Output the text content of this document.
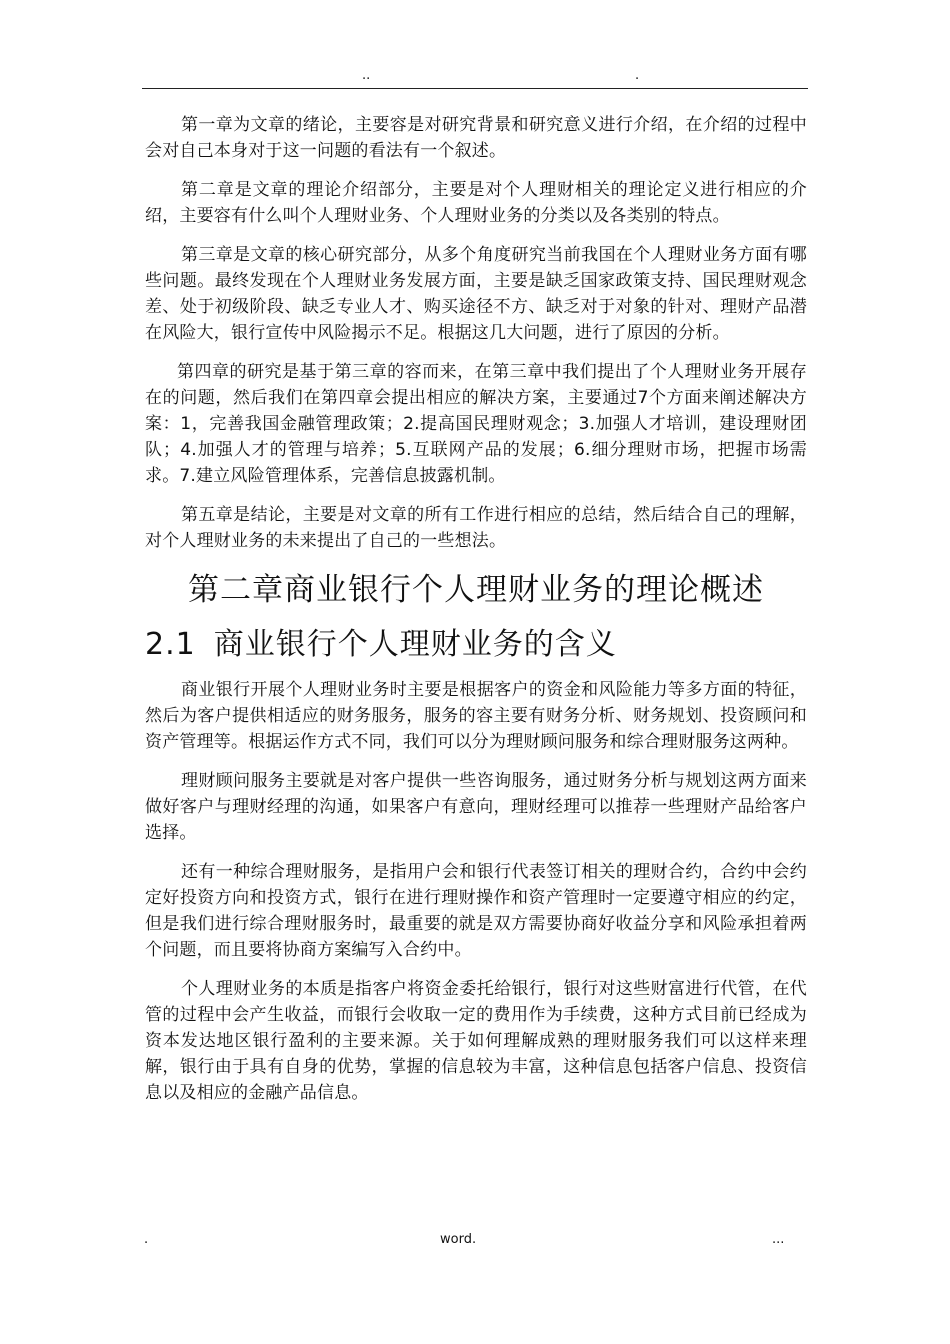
..	.

第一章为文章的绪论，主要容是对研究背景和研究意义进行介绍，在介绍的过程中会对自己本身对于这一问题的看法有一个叙述。

第二章是文章的理论介绍部分，主要是对个人理财相关的理论定义进行相应的介绍，主要容有什么叫个人理财业务、个人理财业务的分类以及各类别的特点。

第三章是文章的核心研究部分，从多个角度研究当前我国在个人理财业务方面有哪些问题。最终发现在个人理财业务发展方面，主要是缺乏国家政策支持、国民理财观念差、处于初级阶段、缺乏专业人才、购买途径不方、缺乏对于对象的针对、理财产品潜在风险大，银行宣传中风险揭示不足。根据这几大问题，进行了原因的分析。

第四章的研究是基于第三章的容而来，在第三章中我们提出了个人理财业务开展存在的问题，然后我们在第四章会提出相应的解决方案，主要通过7个方面来阐述解决方案：1，完善我国金融管理政策；2.提高国民理财观念；3.加强人才培训，建设理财团队；4.加强人才的管理与培养；5.互联网产品的发展；6.细分理财市场，把握市场需求。7.建立风险管理体系，完善信息披露机制。

第五章是结论，主要是对文章的所有工作进行相应的总结，然后结合自己的理解，对个人理财业务的未来提出了自己的一些想法。

第二章商业银行个人理财业务的理论概述
2.1 商业银行个人理财业务的含义

商业银行开展个人理财业务时主要是根据客户的资金和风险能力等多方面的特征，然后为客户提供相适应的财务服务，服务的容主要有财务分析、财务规划、投资顾问和资产管理等。根据运作方式不同，我们可以分为理财顾问服务和综合理财服务这两种。

理财顾问服务主要就是对客户提供一些咨询服务，通过财务分析与规划这两方面来做好客户与理财经理的沟通，如果客户有意向，理财经理可以推荐一些理财产品给客户选择。

还有一种综合理财服务，是指用户会和银行代表签订相关的理财合约，合约中会约定好投资方向和投资方式，银行在进行理财操作和资产管理时一定要遵守相应的约定，但是我们进行综合理财服务时，最重要的就是双方需要协商好收益分享和风险承担着两个问题，而且要将协商方案编写入合约中。

个人理财业务的本质是指客户将资金委托给银行，银行对这些财富进行代管，在代管的过程中会产生收益，而银行会收取一定的费用作为手续费，这种方式目前已经成为资本发达地区银行盈利的主要来源。关于如何理解成熟的理财服务我们可以这样来理解，银行由于具有自身的优势，掌握的信息较为丰富，这种信息包括客户信息、投资信息以及相应的金融产品信息。

.	word.	...
